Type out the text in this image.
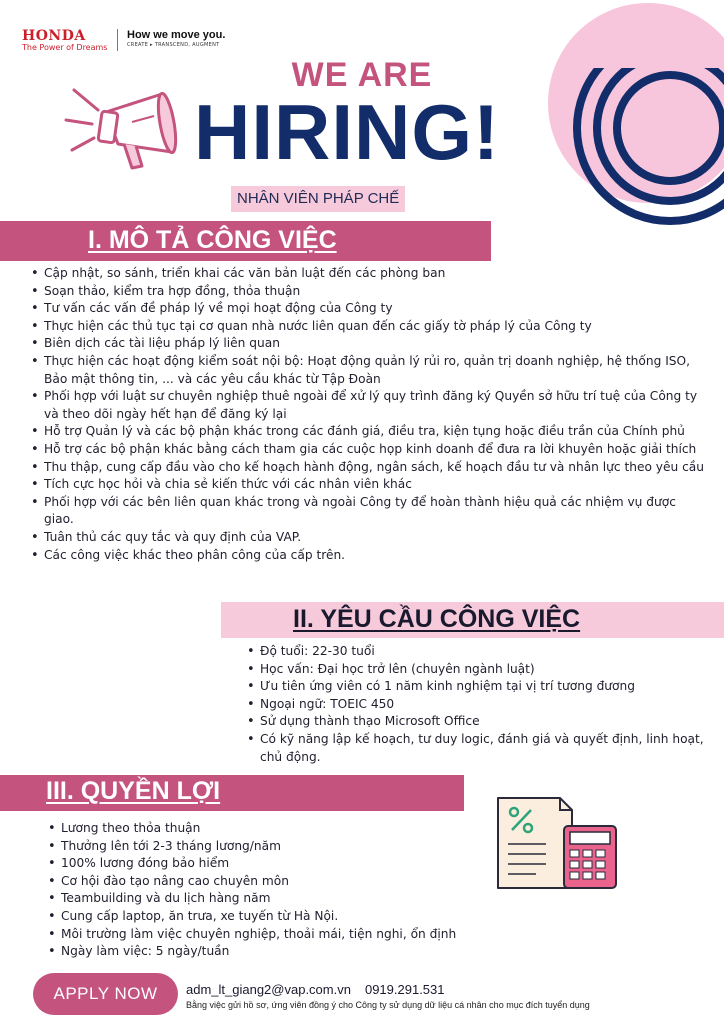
HONDA
The Power of Dreams
How we move you.
CREATE ▸ TRANSCEND, AUGMENT
WE ARE
HIRING!
NHÂN VIÊN PHÁP CHẾ
I. MÔ TẢ CÔNG VIỆC
• Cập nhật, so sánh, triển khai các văn bản luật đến các phòng ban
• Soạn thảo, kiểm tra hợp đồng, thỏa thuận
• Tư vấn các vấn đề pháp lý về mọi hoạt động của Công ty
• Thực hiện các thủ tục tại cơ quan nhà nước liên quan đến các giấy tờ pháp lý của Công ty
• Biên dịch các tài liệu pháp lý liên quan
• Thực hiện các hoạt động kiểm soát nội bộ: Hoạt động quản lý rủi ro, quản trị doanh nghiệp, hệ thống ISO, Bảo mật thông tin, ... và các yêu cầu khác từ Tập Đoàn
• Phối hợp với luật sư chuyên nghiệp thuê ngoài để xử lý quy trình đăng ký Quyền sở hữu trí tuệ của Công ty và theo dõi ngày hết hạn để đăng ký lại
• Hỗ trợ Quản lý và các bộ phận khác trong các đánh giá, điều tra, kiện tụng hoặc điều trần của Chính phủ
• Hỗ trợ các bộ phận khác bằng cách tham gia các cuộc họp kinh doanh để đưa ra lời khuyên hoặc giải thích
• Thu thập, cung cấp đầu vào cho kế hoạch hành động, ngân sách, kế hoạch đầu tư và nhân lực theo yêu cầu
• Tích cực học hỏi và chia sẻ kiến thức với các nhân viên khác
• Phối hợp với các bên liên quan khác trong và ngoài Công ty để hoàn thành hiệu quả các nhiệm vụ được giao.
• Tuân thủ các quy tắc và quy định của VAP.
• Các công việc khác theo phân công của cấp trên.
II. YÊU CẦU CÔNG VIỆC
• Độ tuổi: 22-30 tuổi
• Học vấn: Đại học trở lên (chuyên ngành luật)
• Ưu tiên ứng viên có 1 năm kinh nghiệm tại vị trí tương đương
• Ngoại ngữ: TOEIC 450
• Sử dụng thành thạo Microsoft Office
• Có kỹ năng lập kế hoạch, tư duy logic, đánh giá và quyết định, linh hoạt, chủ động.
III. QUYỀN LỢI
• Lương theo thỏa thuận
• Thưởng lên tới 2-3 tháng lương/năm
• 100% lương đóng bảo hiểm
• Cơ hội đào tạo nâng cao chuyên môn
• Teambuilding và du lịch hàng năm
• Cung cấp laptop, ăn trưa, xe tuyến từ Hà Nội.
• Môi trường làm việc chuyên nghiệp, thoải mái, tiện nghi, ổn định
• Ngày làm việc: 5 ngày/tuần
APPLY NOW	adm_lt_giang2@vap.com.vn 0919.291.531
Bằng việc gửi hồ sơ, ứng viên đồng ý cho Công ty sử dụng dữ liệu cá nhân cho mục đích tuyển dụng
